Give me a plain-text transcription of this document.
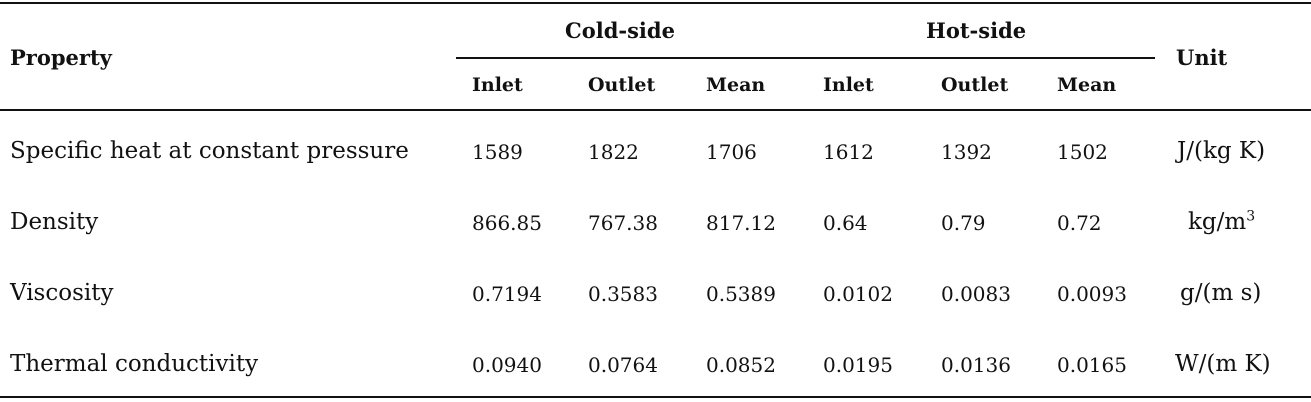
Property
Cold-side	Hot-side
Unit
Inlet	Outlet	Mean	Inlet	Outlet	Mean
Specific heat at constant pressure	1589	1822	1706	1612	1392	1502	J/(kg K)
Density	866.85 767.38 817.12 0.64	0.79	0.72	$kg/m^3$
Viscosity	0.7194 0.3583 0.5389 0.0102 0.0083 0.0093 g/(m s)
Thermal conductivity	0.0940 0.0764 0.0852 0.0195 0.0136 0.0165 W/(m K)
